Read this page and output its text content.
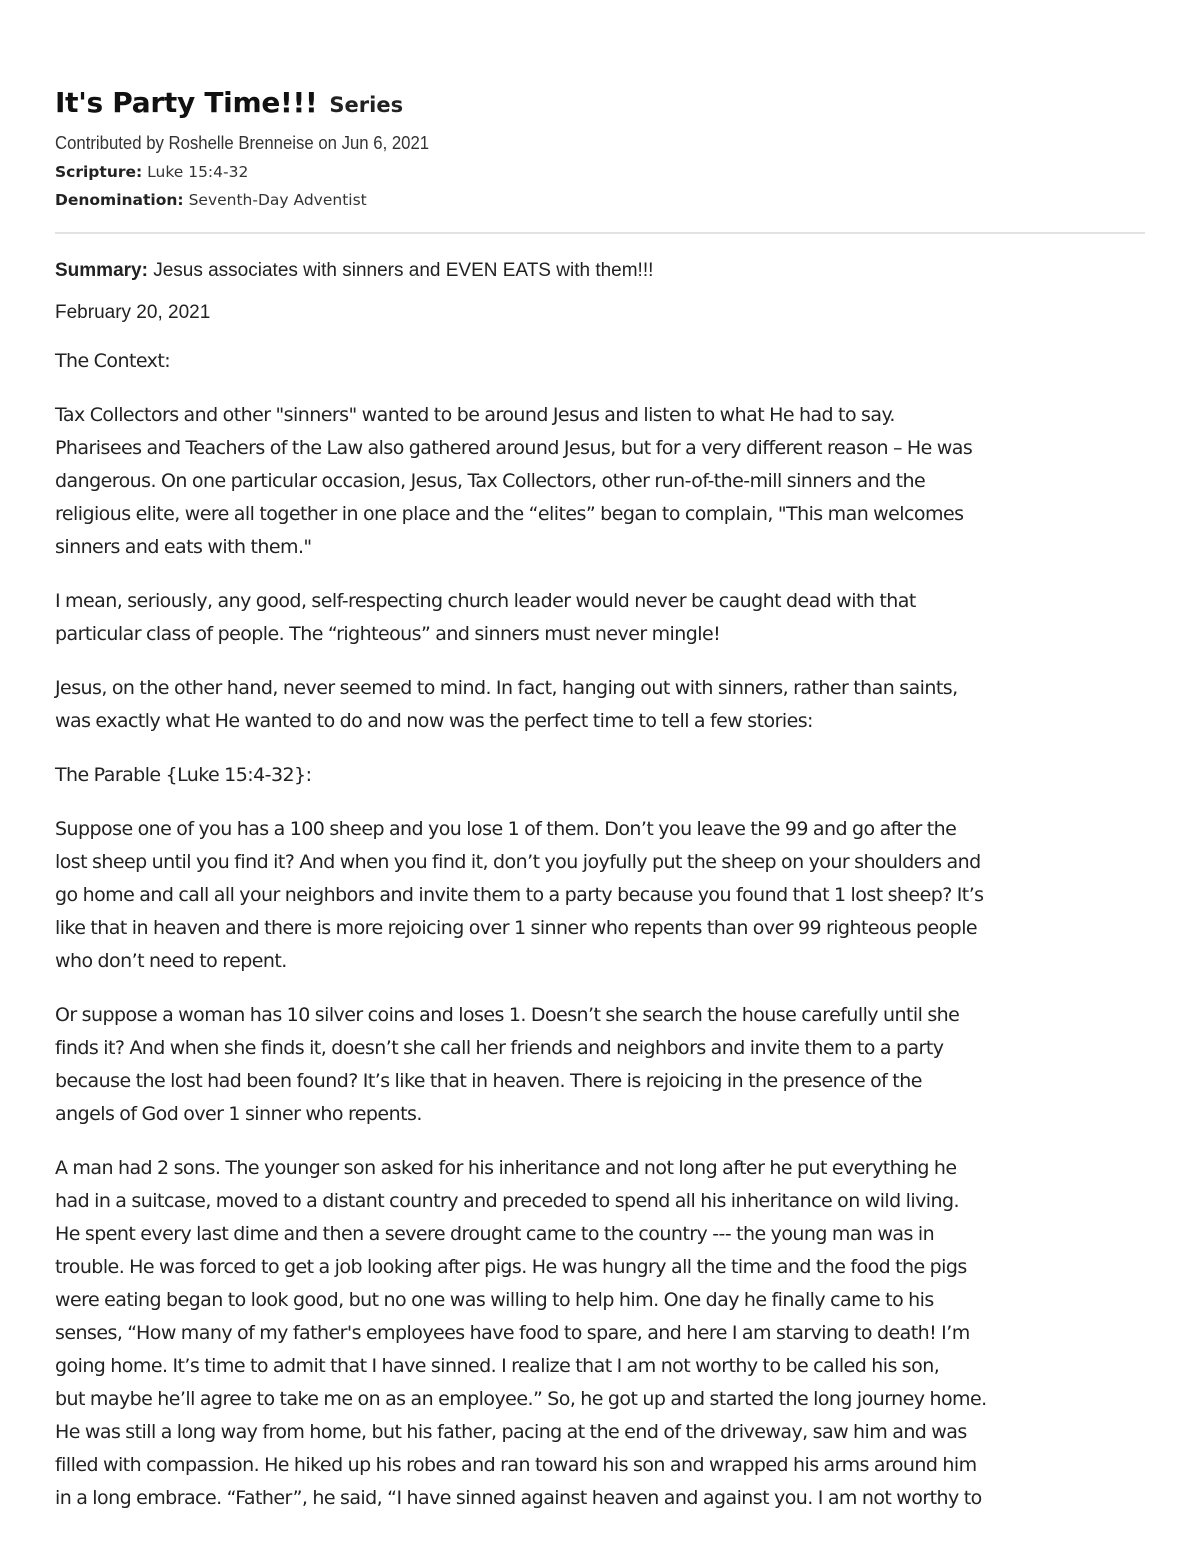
It's Party Time!!! Series
Contributed by Roshelle Brenneise on Jun 6, 2021
Scripture: Luke 15:4-32
Denomination: Seventh-Day Adventist
Summary: Jesus associates with sinners and EVEN EATS with them!!!
February 20, 2021

The Context:

Tax Collectors and other "sinners" wanted to be around Jesus and listen to what He had to say.
Pharisees and Teachers of the Law also gathered around Jesus, but for a very different reason – He was
dangerous. On one particular occasion, Jesus, Tax Collectors, other run-of-the-mill sinners and the
religious elite, were all together in one place and the “elites” began to complain, "This man welcomes
sinners and eats with them."

I mean, seriously, any good, self-respecting church leader would never be caught dead with that
particular class of people. The “righteous” and sinners must never mingle!

Jesus, on the other hand, never seemed to mind. In fact, hanging out with sinners, rather than saints,
was exactly what He wanted to do and now was the perfect time to tell a few stories:

The Parable {Luke 15:4-32}:

Suppose one of you has a 100 sheep and you lose 1 of them. Don’t you leave the 99 and go after the
lost sheep until you find it? And when you find it, don’t you joyfully put the sheep on your shoulders and
go home and call all your neighbors and invite them to a party because you found that 1 lost sheep? It’s
like that in heaven and there is more rejoicing over 1 sinner who repents than over 99 righteous people
who don’t need to repent.

Or suppose a woman has 10 silver coins and loses 1. Doesn’t she search the house carefully until she
finds it? And when she finds it, doesn’t she call her friends and neighbors and invite them to a party
because the lost had been found? It’s like that in heaven. There is rejoicing in the presence of the
angels of God over 1 sinner who repents.

A man had 2 sons. The younger son asked for his inheritance and not long after he put everything he
had in a suitcase, moved to a distant country and preceded to spend all his inheritance on wild living.
He spent every last dime and then a severe drought came to the country --- the young man was in
trouble. He was forced to get a job looking after pigs. He was hungry all the time and the food the pigs
were eating began to look good, but no one was willing to help him. One day he finally came to his
senses, “How many of my father's employees have food to spare, and here I am starving to death! I’m
going home. It’s time to admit that I have sinned. I realize that I am not worthy to be called his son,
but maybe he’ll agree to take me on as an employee.” So, he got up and started the long journey home.
He was still a long way from home, but his father, pacing at the end of the driveway, saw him and was
filled with compassion. He hiked up his robes and ran toward his son and wrapped his arms around him
in a long embrace. “Father”, he said, “I have sinned against heaven and against you. I am not worthy to
